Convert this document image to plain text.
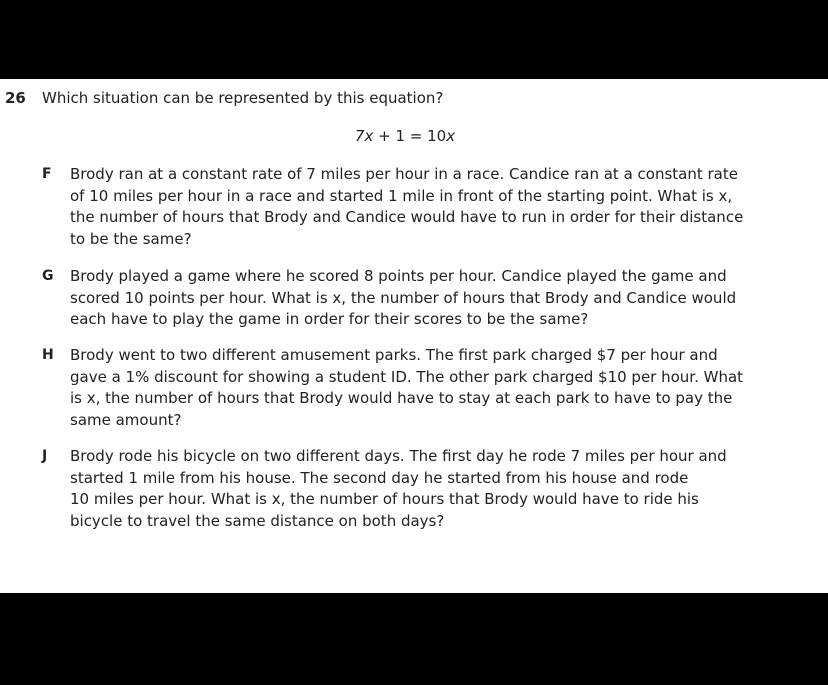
26 Which situation can be represented by this equation?
7x + 1 = 10x
F Brody ran at a constant rate of 7 miles per hour in a race. Candice ran at a constant rate
of 10 miles per hour in a race and started 1 mile in front of the starting point. What is x,
the number of hours that Brody and Candice would have to run in order for their distance
to be the same?
G Brody played a game where he scored 8 points per hour. Candice played the game and
scored 10 points per hour. What is x, the number of hours that Brody and Candice would
each have to play the game in order for their scores to be the same?
H Brody went to two different amusement parks. The first park charged $7 per hour and
gave a 1% discount for showing a student ID. The other park charged $10 per hour. What
is x, the number of hours that Brody would have to stay at each park to have to pay the
same amount?
J Brody rode his bicycle on two different days. The first day he rode 7 miles per hour and
started 1 mile from his house. The second day he started from his house and rode
10 miles per hour. What is x, the number of hours that Brody would have to ride his
bicycle to travel the same distance on both days?
